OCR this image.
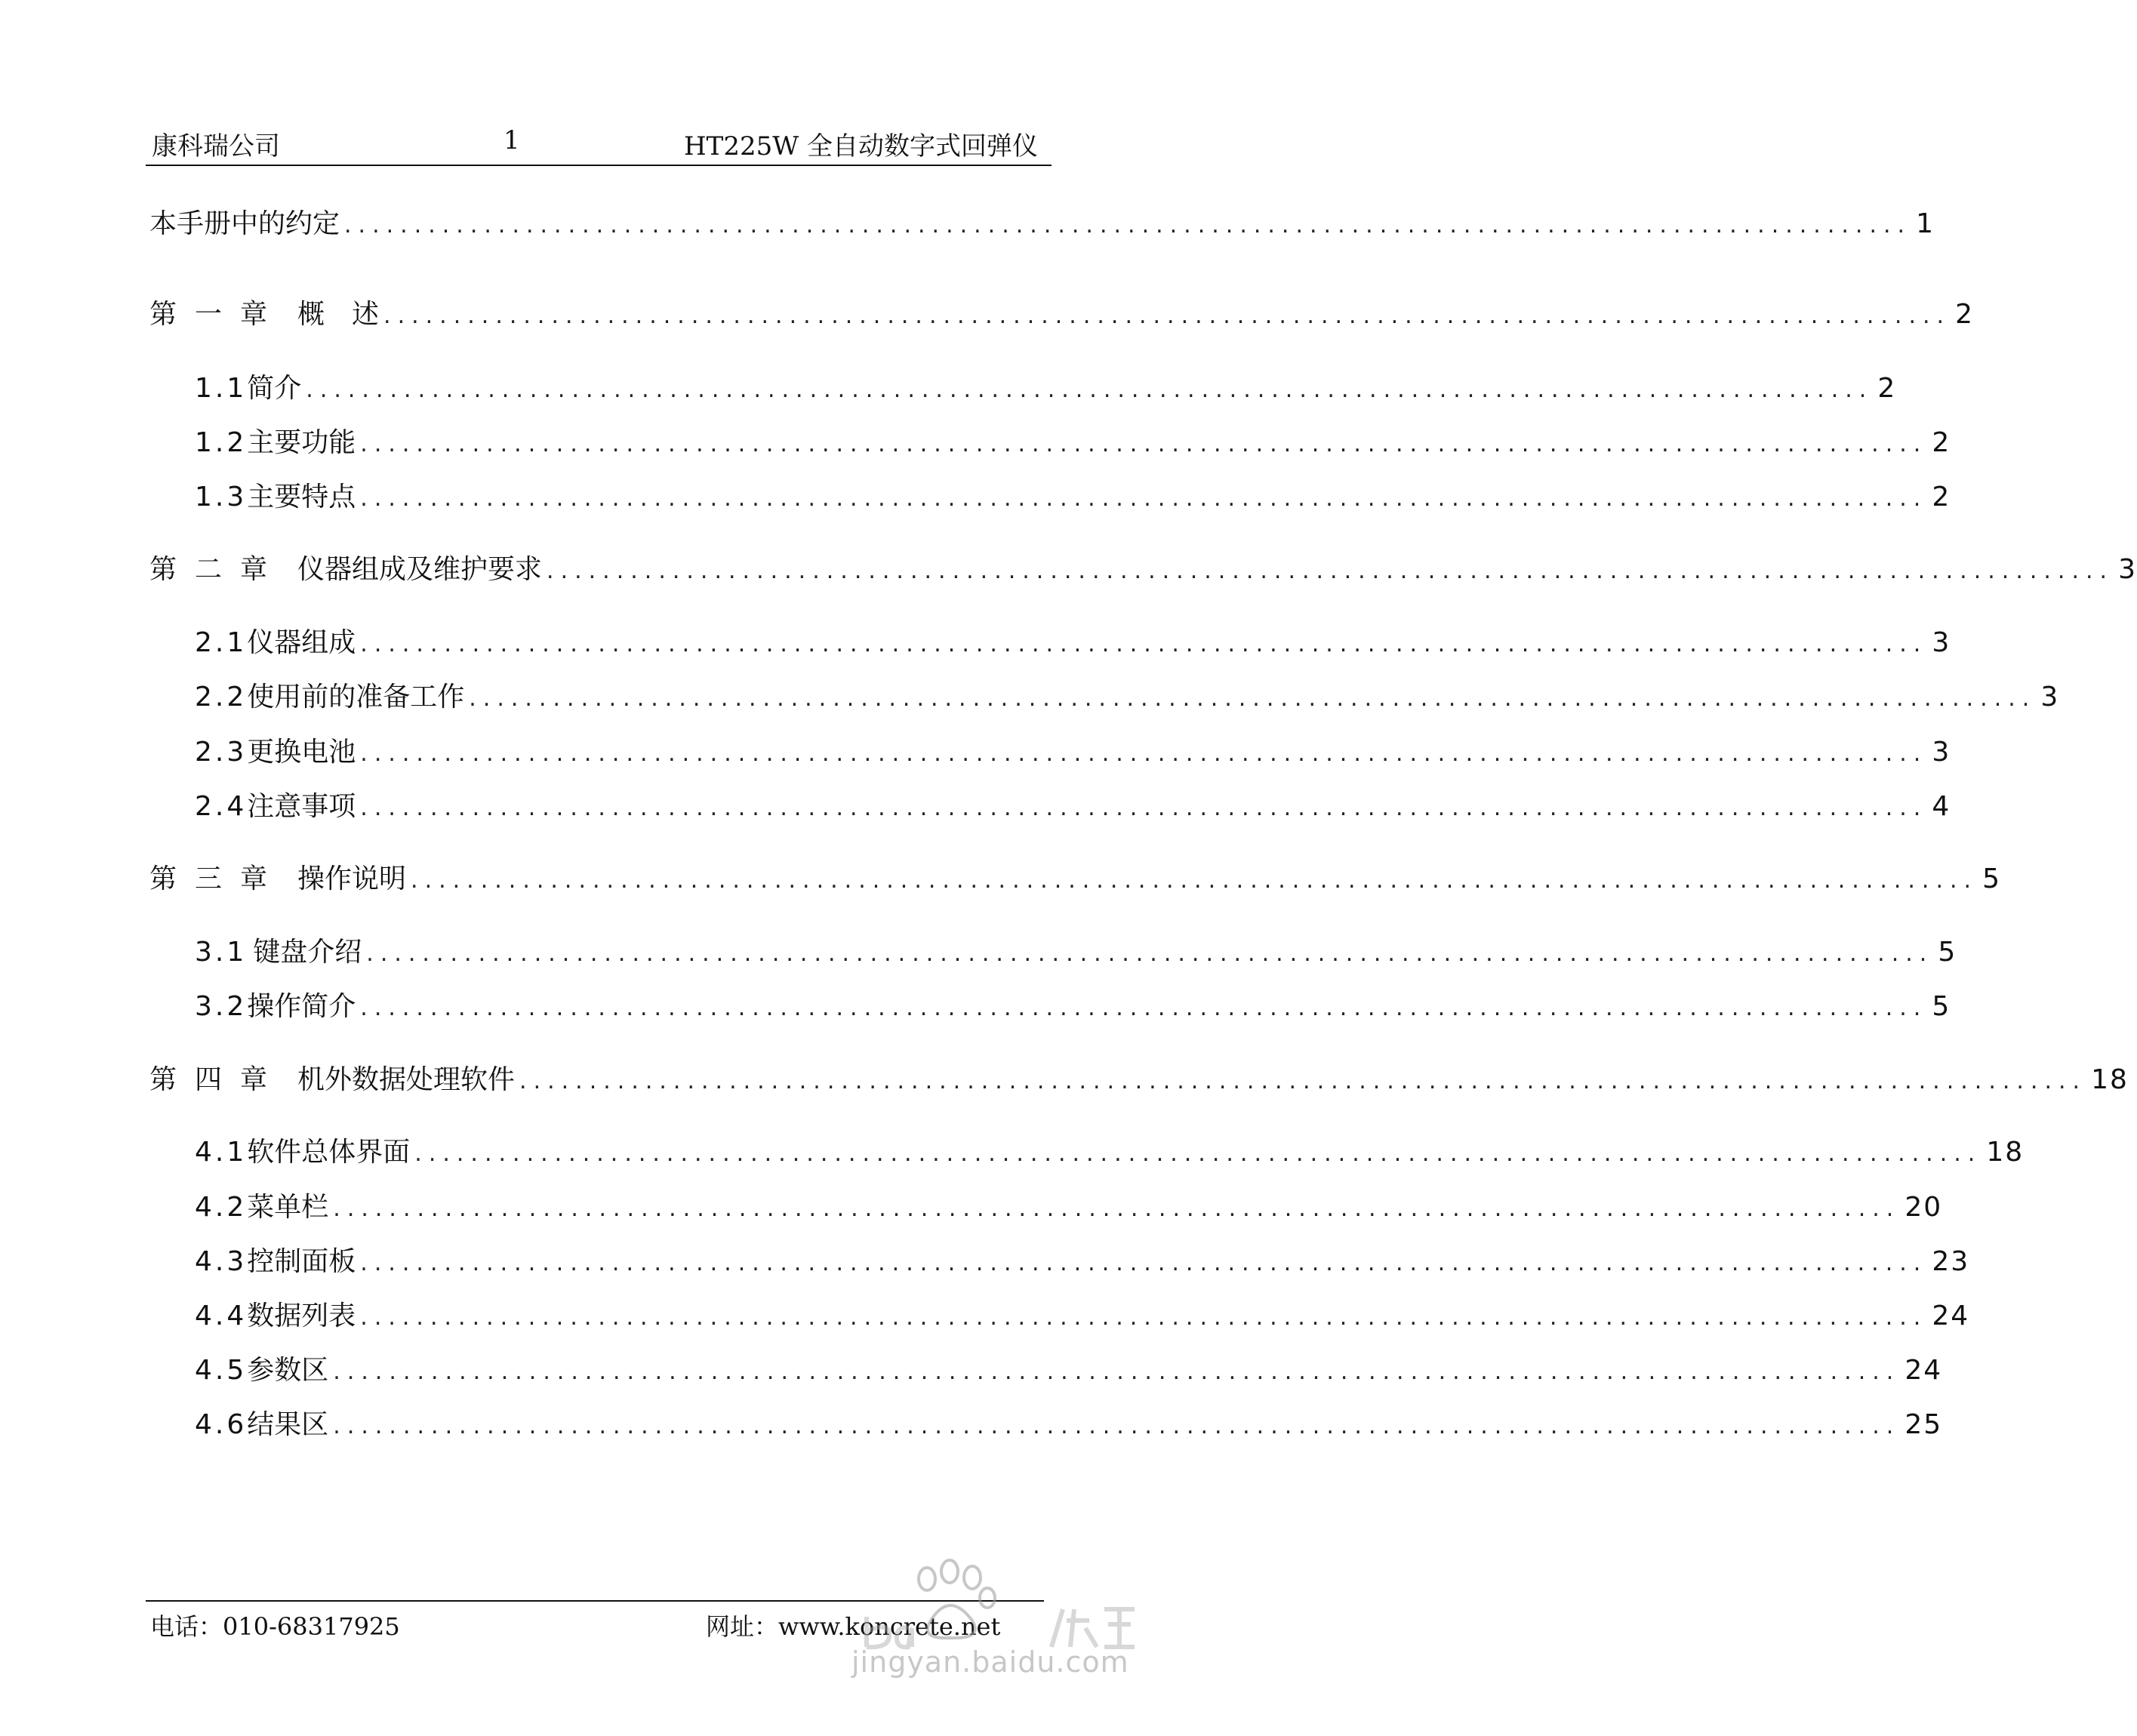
康科瑞公司	1	HT225W 全自动数字式回弹仪
本手册中的约定 ................................................................................................................ 1
第一章 概　述 ................................................................................................................ 2
1.1 简介 ................................................................................................................ 2
1.2 主要功能 ................................................................................................................ 2
1.3 主要特点 ................................................................................................................ 2
第二章 仪器组成及维护要求 ................................................................................................................ 3
2.1 仪器组成 ................................................................................................................ 3
2.2 使用前的准备工作 ................................................................................................................ 3
2.3 更换电池 ................................................................................................................ 3
2.4 注意事项 ................................................................................................................ 4
第三章 操作说明 ................................................................................................................ 5
3.1 键盘介绍 ................................................................................................................ 5
3.2 操作简介 ................................................................................................................ 5
第四章 机外数据处理软件 ................................................................................................................ 18
4.1 软件总体界面 ................................................................................................................ 18
4.2 菜单栏 ................................................................................................................ 20
4.3 控制面板 ................................................................................................................ 23
4.4 数据列表 ................................................................................................................ 24
4.5 参数区 ................................................................................................................ 24
4.6 结果区 ................................................................................................................ 25
电话：010-68317925	网址：www.koncrete.net
jingyan.baidu.com
